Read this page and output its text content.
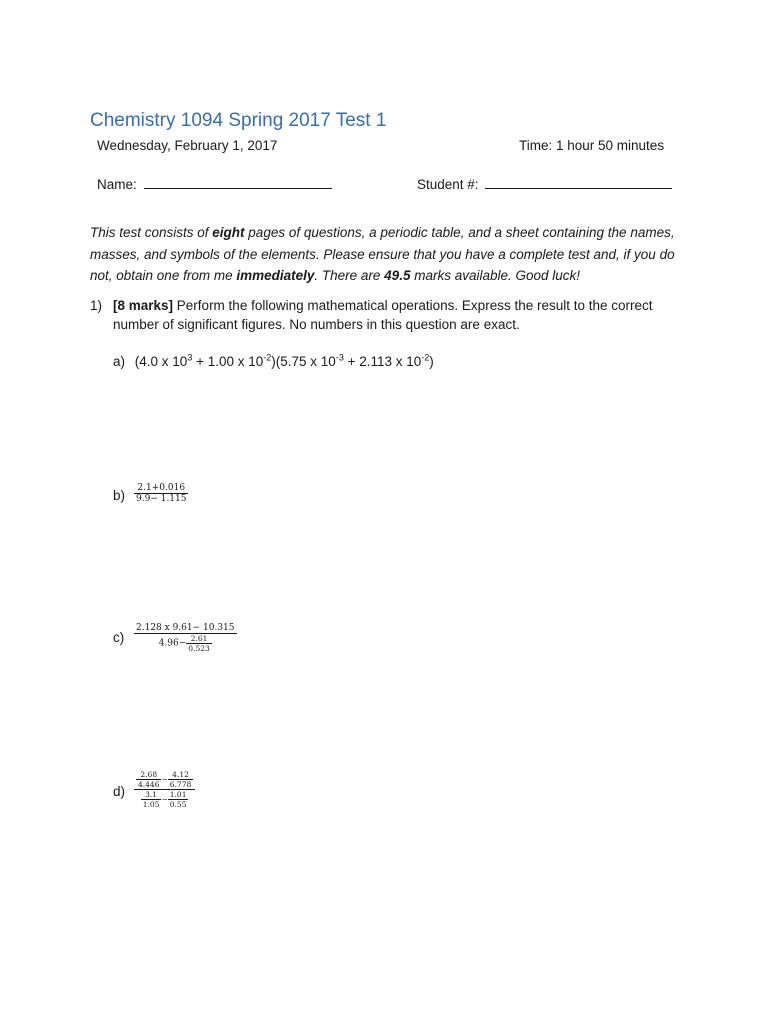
Chemistry 1094 Spring 2017 Test 1
Wednesday, February 1, 2017	Time: 1 hour 50 minutes
Name:	Student #:
This test consists of eight pages of questions, a periodic table, and a sheet containing the names, masses, and symbols of the elements. Please ensure that you have a complete test and, if you do not, obtain one from me immediately. There are 49.5 marks available. Good luck!
1) [8 marks] Perform the following mathematical operations. Express the result to the correct number of significant figures. No numbers in this question are exact.
a) (4.0 x $10^3 + 1.00$ x $10^{-2})(5.75$ x $10^{-3} + 2.113$ x $10^{-2}$)
$b) \frac{2.1+0.016}{9.9- 1.115}$
$c) \frac{2.128 x 9.61- 10.315}{4.96- \frac{2.61}{0.523}}$
$d) \frac{\frac{2.68}{4.446} - \frac{4.12}{6.778}}{\frac{3.1}{1.05} - \frac{1.01}{0.55}}$
